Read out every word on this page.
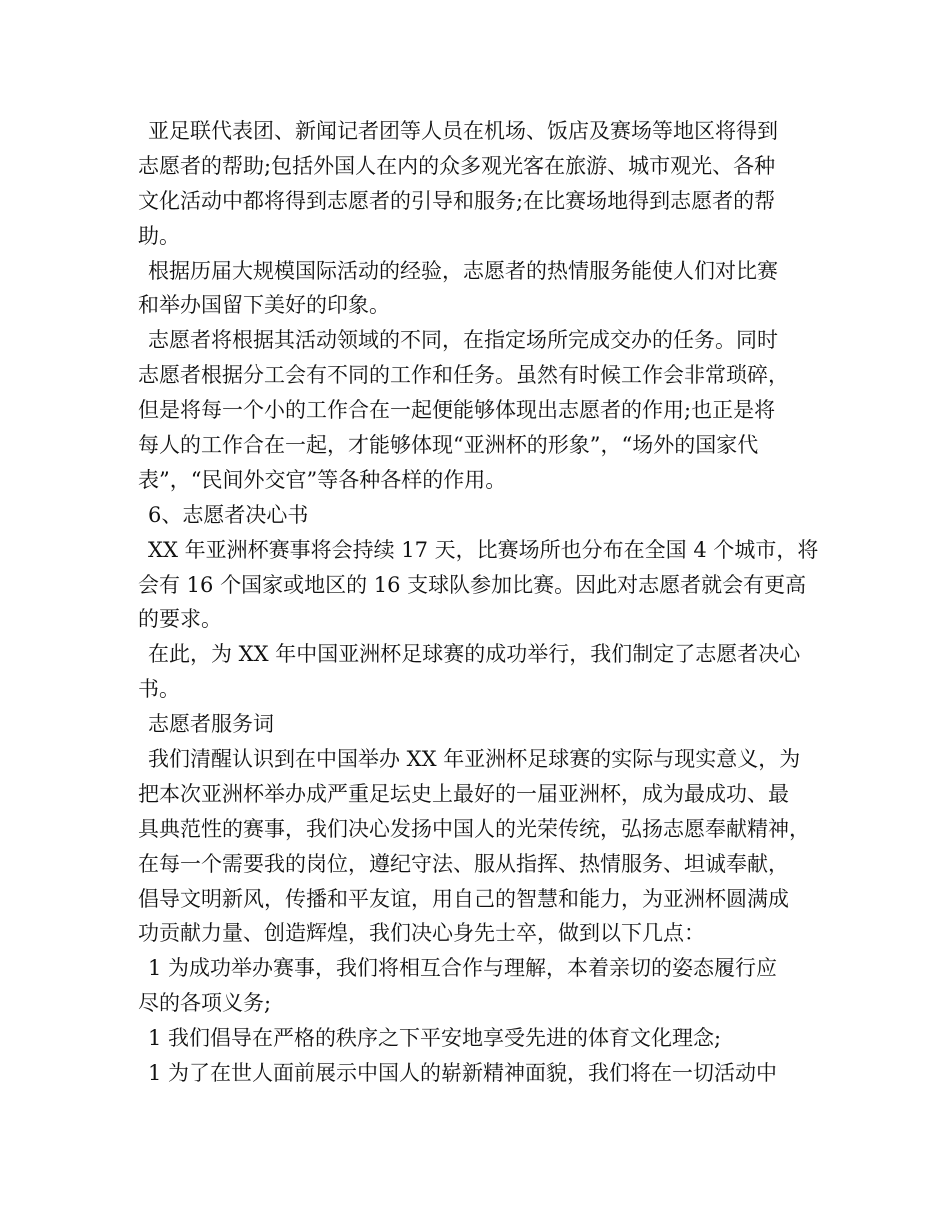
亚足联代表团、新闻记者团等人员在机场、饭店及赛场等地区将得到
志愿者的帮助;包括外国人在内的众多观光客在旅游、城市观光、各种
文化活动中都将得到志愿者的引导和服务;在比赛场地得到志愿者的帮
助。
根据历届大规模国际活动的经验，志愿者的热情服务能使人们对比赛
和举办国留下美好的印象。
志愿者将根据其活动领域的不同，在指定场所完成交办的任务。同时
志愿者根据分工会有不同的工作和任务。虽然有时候工作会非常琐碎，
但是将每一个小的工作合在一起便能够体现出志愿者的作用;也正是将
每人的工作合在一起，才能够体现“亚洲杯的形象”，“场外的国家代
表”，“民间外交官”等各种各样的作用。
6、志愿者决心书
XX 年亚洲杯赛事将会持续 17 天，比赛场所也分布在全国 4 个城市，将
会有 16 个国家或地区的 16 支球队参加比赛。因此对志愿者就会有更高
的要求。
在此，为 XX 年中国亚洲杯足球赛的成功举行，我们制定了志愿者决心
书。
志愿者服务词
我们清醒认识到在中国举办 XX 年亚洲杯足球赛的实际与现实意义，为
把本次亚洲杯举办成严重足坛史上最好的一届亚洲杯，成为最成功、最
具典范性的赛事，我们决心发扬中国人的光荣传统，弘扬志愿奉献精神，
在每一个需要我的岗位，遵纪守法、服从指挥、热情服务、坦诚奉献，
倡导文明新风，传播和平友谊，用自己的智慧和能力，为亚洲杯圆满成
功贡献力量、创造辉煌，我们决心身先士卒，做到以下几点：
1 为成功举办赛事，我们将相互合作与理解，本着亲切的姿态履行应
尽的各项义务;
1 我们倡导在严格的秩序之下平安地享受先进的体育文化理念;
1 为了在世人面前展示中国人的崭新精神面貌，我们将在一切活动中
